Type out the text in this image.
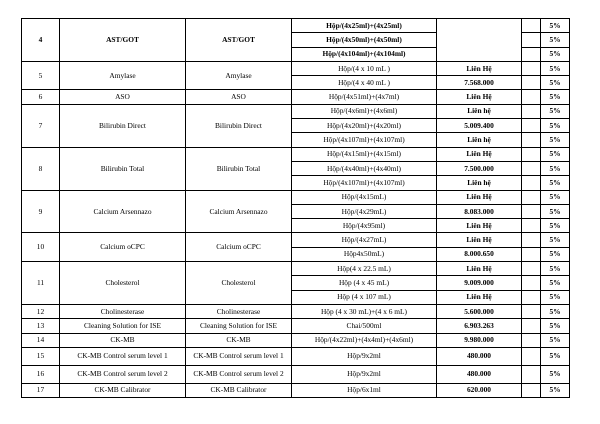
4	AST/GOT	AST/GOT	Hộp/(4x25ml)+(4x25ml)			5%
			Hộp/(4x50ml)+(4x50ml)			5%
			Hộp/(4x104ml)+(4x104ml)			5%
5	Amylase	Amylase	Hộp/(4 x 10 mL )	Liên Hệ		5%
			Hộp/(4 x 40 mL )	7.568.000		5%
6	ASO	ASO	Hộp/(4x51ml)+(4x7ml)	Liên Hệ		5%
7	Bilirubin Direct	Bilirubin Direct	Hộp/(4x6ml)+(4x6ml)	Liên hệ		5%
			Hộp/(4x20ml)+(4x20ml)	5.009.400		5%
			Hộp/(4x107ml)+(4x107ml)	Liên hệ		5%
8	Bilirubin Total	Bilirubin Total	Hộp/(4x15ml)+(4x15ml)	Liên Hệ		5%
			Hộp/(4x40ml)+(4x40ml)	7.500.000		5%
			Hộp/(4x107ml)+(4x107ml)	Liên hệ		5%
9	Calcium Arsennazo	Calcium Arsennazo	Hộp/(4x15mL)	Liên Hệ		5%
			Hộp/(4x29mL)	8.083.000		5%
			Hộp/(4x95ml)	Liên Hệ		5%
10	Calcium oCPC	Calcium oCPC	Hộp/(4x27mL)	Liên Hệ		5%
			Hộp4x50mL)	8.000.650		5%
11	Cholesterol	Cholesterol	Hộp(4 x 22.5 mL)	Liên Hệ		5%
			Hộp (4 x 45 mL)	9.009.000		5%
			Hộp (4 x 107 mL)	Liên Hệ		5%
12	Cholinesterase	Cholinesterase	Hộp (4 x 30 mL)+(4 x 6 mL)	5.600.000		5%
13	Cleaning Solution for ISE	Cleaning Solution for ISE	Chai/500ml	6.903.263		5%
14	CK-MB	CK-MB	Hộp/(4x22ml)+(4x4ml)+(4x6ml)	9.980.000		5%
15	CK-MB Control serum level 1	CK-MB Control serum level 1	Hộp/9x2ml	480.000		5%
16	CK-MB Control serum level 2	CK-MB Control serum level 2	Hộp/9x2ml	480.000		5%
17	CK-MB Calibrator	CK-MB Calibrator	Hộp/6x1ml	620.000		5%
